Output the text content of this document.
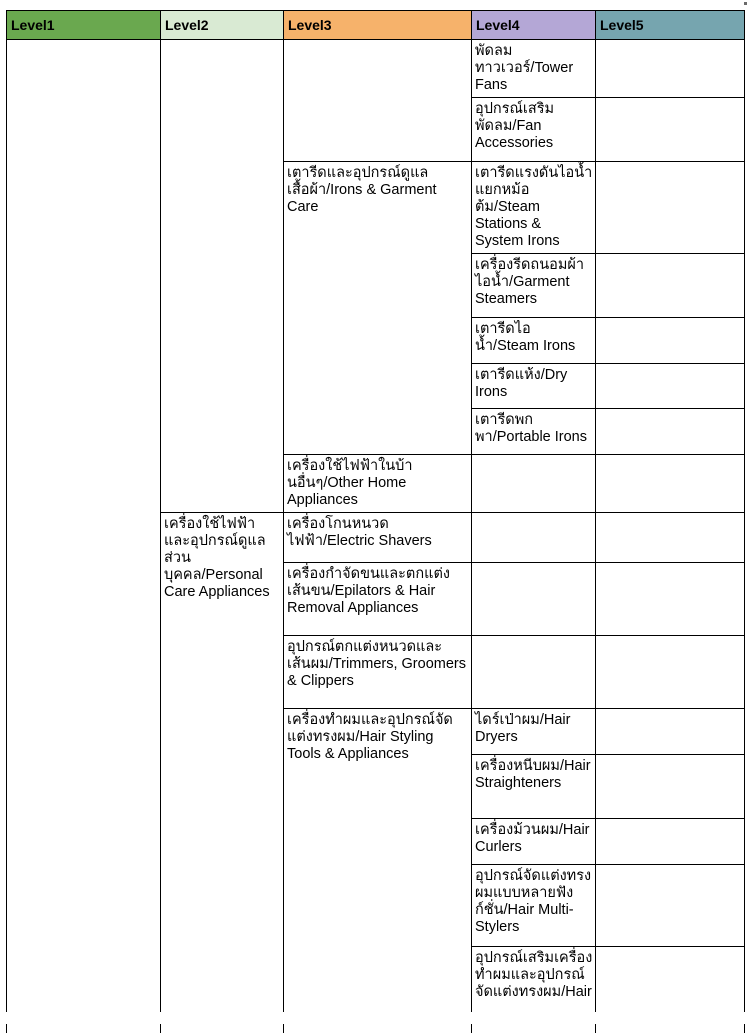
Level1	Level2	Level3	Level4	Level5
			พัดลมทาวเวอร์/Tower Fans	
			อุปกรณ์เสริมพัดลม/Fan Accessories	
		เตารีดและอุปกรณ์ดูแลเสื้อผ้า/Irons & Garment Care	เตารีดแรงดันไอน้ำแยกหม้อต้ม/Steam Stations & System Irons	
			เครื่องรีดถนอมผ้าไอน้ำ/Garment Steamers	
			เตารีดไอน้ำ/Steam Irons	
			เตารีดแห้ง/Dry Irons	
			เตารีดพกพา/Portable Irons	
		เครื่องใช้ไฟฟ้าในบ้านอื่นๆ/Other Home Appliances		

	เครื่องใช้ไฟฟ้าและอุปกรณ์ดูแลส่วนบุคคล/Personal Care Appliances	เครื่องโกนหนวดไฟฟ้า/Electric Shavers		
		เครื่องกำจัดขนและตกแต่งเส้นขน/Epilators & Hair Removal Appliances		
		อุปกรณ์ตกแต่งหนวดและเส้นผม/Trimmers, Groomers & Clippers		
		เครื่องทำผมและอุปกรณ์จัดแต่งทรงผม/Hair Styling Tools & Appliances	ไดร์เป่าผม/Hair Dryers	
			เครื่องหนีบผม/Hair Straighteners	
			เครื่องม้วนผม/Hair Curlers	
			อุปกรณ์จัดแต่งทรงผมแบบหลายฟังก์ชั่น/Hair Multi-Stylers	
			อุปกรณ์เสริมเครื่องทำผมและอุปกรณ์จัดแต่งทรงผม/Hair	
